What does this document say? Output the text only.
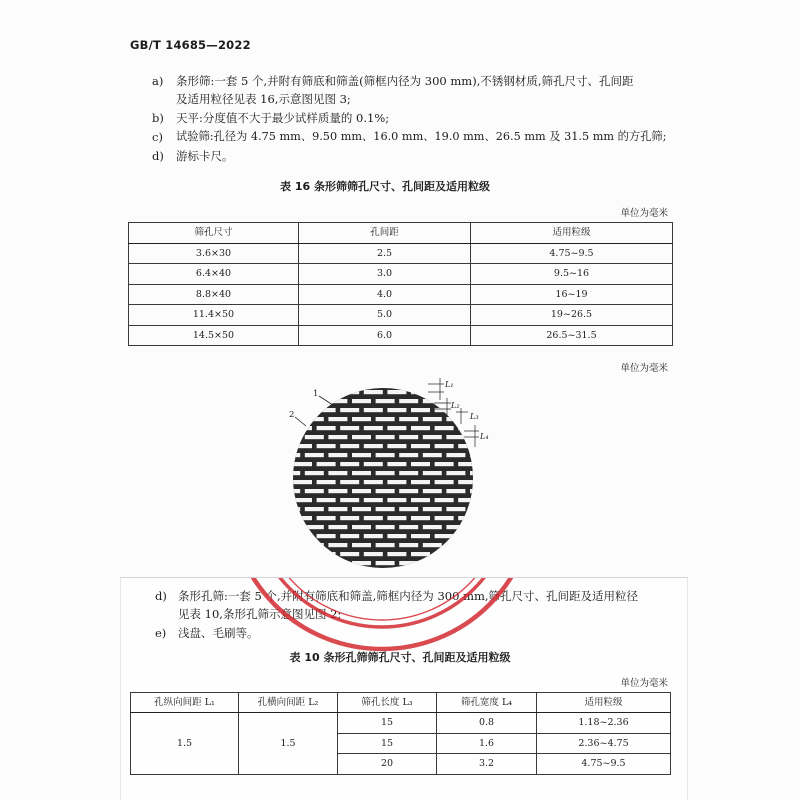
GB/T 14685—2022
a) 条形筛:一套 5 个,并附有筛底和筛盖(筛框内径为 300 mm),不锈钢材质,筛孔尺寸、孔间距
及适用粒径见表 16,示意图见图 3;
b) 天平:分度值不大于最少试样质量的 0.1%;
c) 试验筛:孔径为 4.75 mm、9.50 mm、16.0 mm、19.0 mm、26.5 mm 及 31.5 mm 的方孔筛;
d) 游标卡尺。
表 16 条形筛筛孔尺寸、孔间距及适用粒级
单位为毫米
筛孔尺寸	孔间距	适用粒级
3.6×30	2.5	4.75~9.5
6.4×40	3.0	9.5~16
8.8×40	4.0	16~19
11.4×50	5.0	19~26.5
14.5×50	6.0	26.5~31.5
单位为毫米
1
2
L₁
L₂
L₃
L₄
d) 条形孔筛:一套 5 个,并附有筛底和筛盖,筛框内径为 300 mm,筛孔尺寸、孔间距及适用粒径
见表 10,条形孔筛示意图见图 2;
e) 浅盘、毛刷等。
表 10 条形孔筛筛孔尺寸、孔间距及适用粒级
单位为毫米
孔纵向间距 L₁	孔横向间距 L₂	筛孔长度 L₃	筛孔宽度 L₄	适用粒级
1.5	1.5	15	0.8	1.18~2.36
		15	1.6	2.36~4.75
		20	3.2	4.75~9.5
